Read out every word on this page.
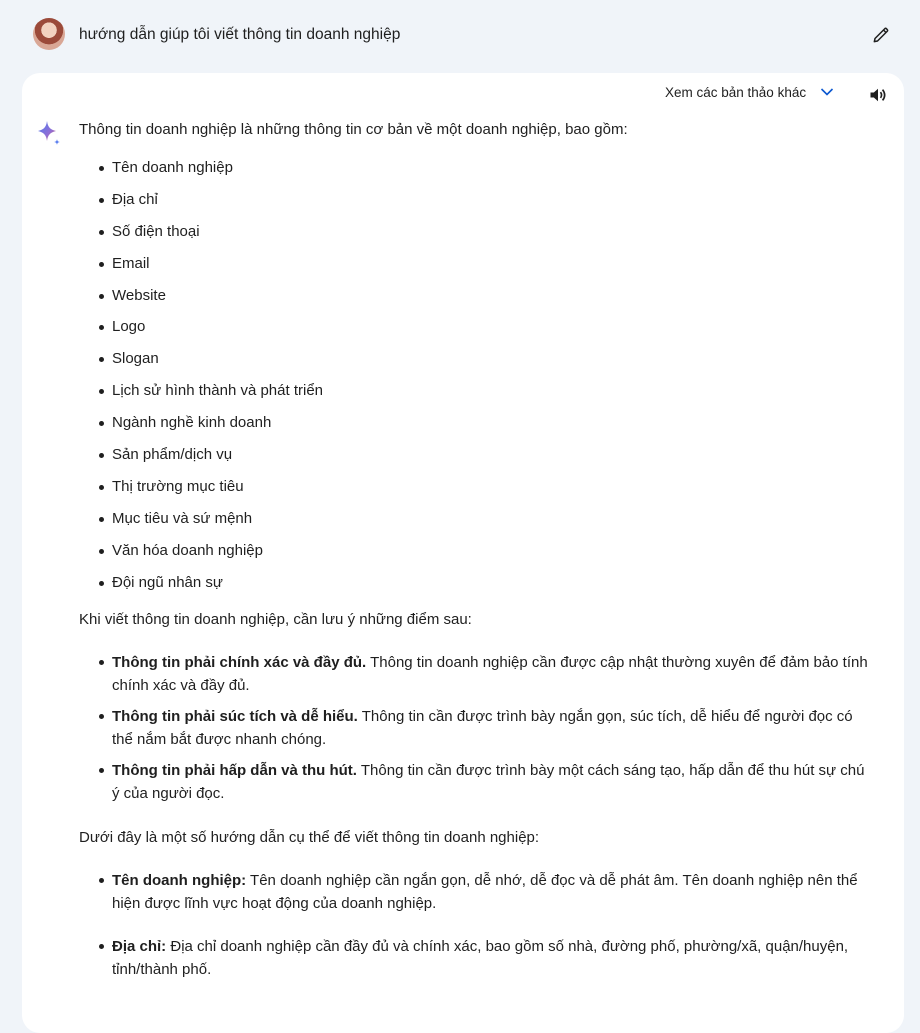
hướng dẫn giúp tôi viết thông tin doanh nghiệp
Xem các bản thảo khác

Thông tin doanh nghiệp là những thông tin cơ bản về một doanh nghiệp, bao gồm:

Tên doanh nghiệp
Địa chỉ
Số điện thoại
Email
Website
Logo
Slogan
Lịch sử hình thành và phát triển
Ngành nghề kinh doanh
Sản phẩm/dịch vụ
Thị trường mục tiêu
Mục tiêu và sứ mệnh
Văn hóa doanh nghiệp
Đội ngũ nhân sự

Khi viết thông tin doanh nghiệp, cần lưu ý những điểm sau:

Thông tin phải chính xác và đầy đủ. Thông tin doanh nghiệp cần được cập nhật thường xuyên để đảm bảo tính chính xác và đầy đủ.
Thông tin phải súc tích và dễ hiểu. Thông tin cần được trình bày ngắn gọn, súc tích, dễ hiểu để người đọc có thể nắm bắt được nhanh chóng.
Thông tin phải hấp dẫn và thu hút. Thông tin cần được trình bày một cách sáng tạo, hấp dẫn để thu hút sự chú ý của người đọc.

Dưới đây là một số hướng dẫn cụ thể để viết thông tin doanh nghiệp:

Tên doanh nghiệp: Tên doanh nghiệp cần ngắn gọn, dễ nhớ, dễ đọc và dễ phát âm. Tên doanh nghiệp nên thể hiện được lĩnh vực hoạt động của doanh nghiệp.
Địa chỉ: Địa chỉ doanh nghiệp cần đầy đủ và chính xác, bao gồm số nhà, đường phố, phường/xã, quận/huyện, tỉnh/thành phố.
